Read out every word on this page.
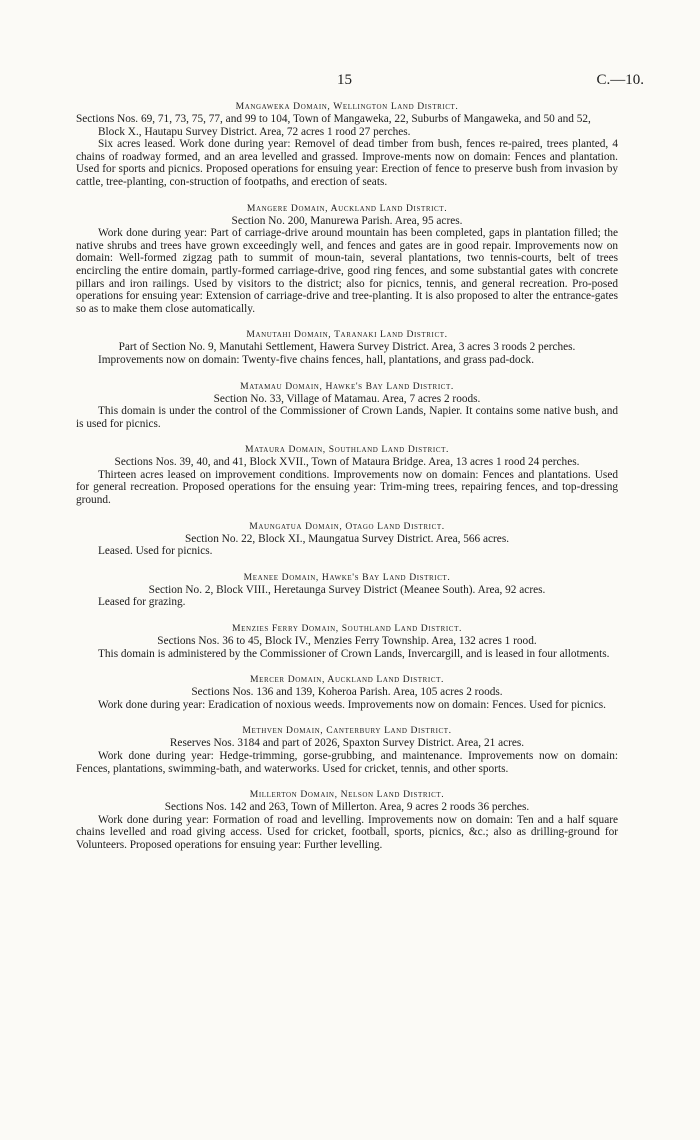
15	C.—10.

Mangaweka Domain, Wellington Land District.

Sections Nos. 69, 71, 73, 75, 77, and 99 to 104, Town of Mangaweka, 22, Suburbs of Mangaweka, and 50 and 52, Block X., Hautapu Survey District. Area, 72 acres 1 rood 27 perches.

Six acres leased. Work done during year: Removel of dead timber from bush, fences re-paired, trees planted, 4 chains of roadway formed, and an area levelled and grassed. Improve-ments now on domain: Fences and plantation. Used for sports and picnics. Proposed operations for ensuing year: Erection of fence to preserve bush from invasion by cattle, tree-planting, con-struction of footpaths, and erection of seats.

Mangere Domain, Auckland Land District.

Section No. 200, Manurewa Parish. Area, 95 acres.

Work done during year: Part of carriage-drive around mountain has been completed, gaps in plantation filled; the native shrubs and trees have grown exceedingly well, and fences and gates are in good repair. Improvements now on domain: Well-formed zigzag path to summit of moun-tain, several plantations, two tennis-courts, belt of trees encircling the entire domain, partly-formed carriage-drive, good ring fences, and some substantial gates with concrete pillars and iron railings. Used by visitors to the district; also for picnics, tennis, and general recreation. Pro-posed operations for ensuing year: Extension of carriage-drive and tree-planting. It is also proposed to alter the entrance-gates so as to make them close automatically.

Manutahi Domain, Taranaki Land District.

Part of Section No. 9, Manutahi Settlement, Hawera Survey District. Area, 3 acres 3 roods 2 perches.

Improvements now on domain: Twenty-five chains fences, hall, plantations, and grass pad-dock.

Matamau Domain, Hawke's Bay Land District.

Section No. 33, Village of Matamau. Area, 7 acres 2 roods.

This domain is under the control of the Commissioner of Crown Lands, Napier. It contains some native bush, and is used for picnics.

Mataura Domain, Southland Land District.

Sections Nos. 39, 40, and 41, Block XVII., Town of Mataura Bridge. Area, 13 acres 1 rood 24 perches.

Thirteen acres leased on improvement conditions. Improvements now on domain: Fences and plantations. Used for general recreation. Proposed operations for the ensuing year: Trim-ming trees, repairing fences, and top-dressing ground.

Maungatua Domain, Otago Land District.

Section No. 22, Block XI., Maungatua Survey District. Area, 566 acres.

Leased. Used for picnics.

Meanee Domain, Hawke's Bay Land District.

Section No. 2, Block VIII., Heretaunga Survey District (Meanee South). Area, 92 acres.

Leased for grazing.

Menzies Ferry Domain, Southland Land District.

Sections Nos. 36 to 45, Block IV., Menzies Ferry Township. Area, 132 acres 1 rood.

This domain is administered by the Commissioner of Crown Lands, Invercargill, and is leased in four allotments.

Mercer Domain, Auckland Land District.

Sections Nos. 136 and 139, Koheroa Parish. Area, 105 acres 2 roods.

Work done during year: Eradication of noxious weeds. Improvements now on domain: Fences. Used for picnics.

Methven Domain, Canterbury Land District.

Reserves Nos. 3184 and part of 2026, Spaxton Survey District. Area, 21 acres.

Work done during year: Hedge-trimming, gorse-grubbing, and maintenance. Improvements now on domain: Fences, plantations, swimming-bath, and waterworks. Used for cricket, tennis, and other sports.

Millerton Domain, Nelson Land District.

Sections Nos. 142 and 263, Town of Millerton. Area, 9 acres 2 roods 36 perches.

Work done during year: Formation of road and levelling. Improvements now on domain: Ten and a half square chains levelled and road giving access. Used for cricket, football, sports, picnics, &c.; also as drilling-ground for Volunteers. Proposed operations for ensuing year: Further levelling.
